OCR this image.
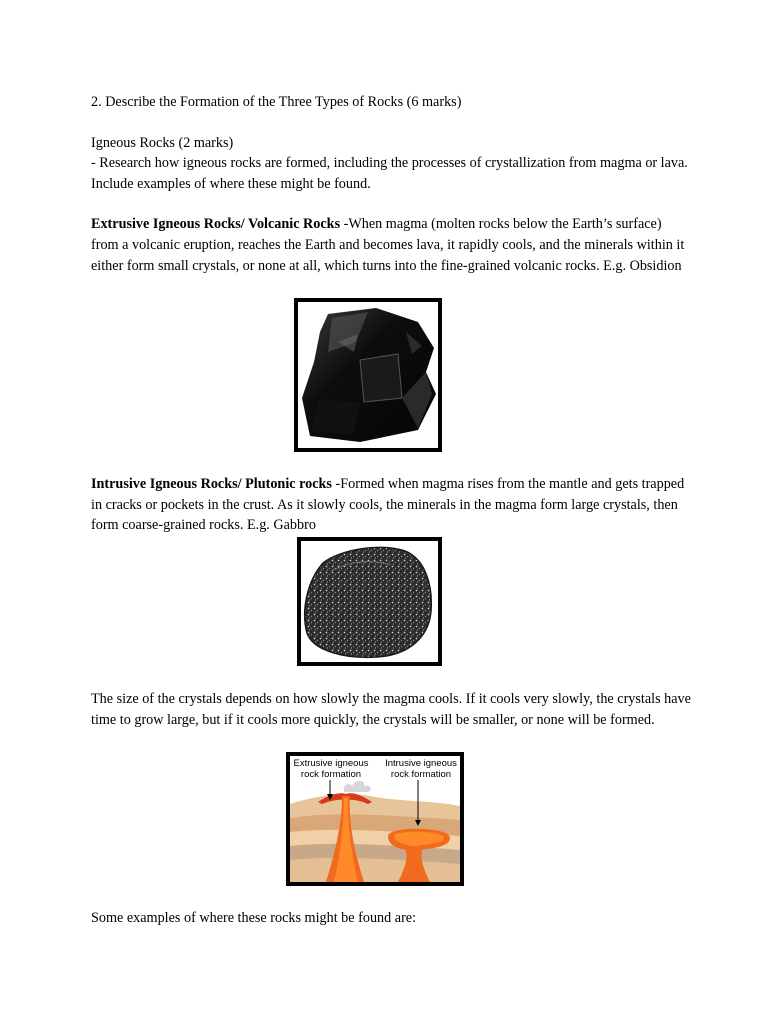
2. Describe the Formation of the Three Types of Rocks (6 marks)

Igneous Rocks (2 marks)

- Research how igneous rocks are formed, including the processes of crystallization from magma or lava. Include examples of where these might be found.

Extrusive Igneous Rocks/ Volcanic Rocks -When magma (molten rocks below the Earth’s surface) from a volcanic eruption, reaches the Earth and becomes lava, it rapidly cools, and the minerals within it either form small crystals, or none at all, which turns into the fine-grained volcanic rocks. E.g. Obsidion

Intrusive Igneous Rocks/ Plutonic rocks -Formed when magma rises from the mantle and gets trapped in cracks or pockets in the crust. As it slowly cools, the minerals in the magma form large crystals, then form coarse-grained rocks. E.g. Gabbro

The size of the crystals depends on how slowly the magma cools. If it cools very slowly, the crystals have time to grow large, but if it cools more quickly, the crystals will be smaller, or none will be formed.

Extrusive igneous rock formation
Intrusive igneous rock formation

Some examples of where these rocks might be found are:
